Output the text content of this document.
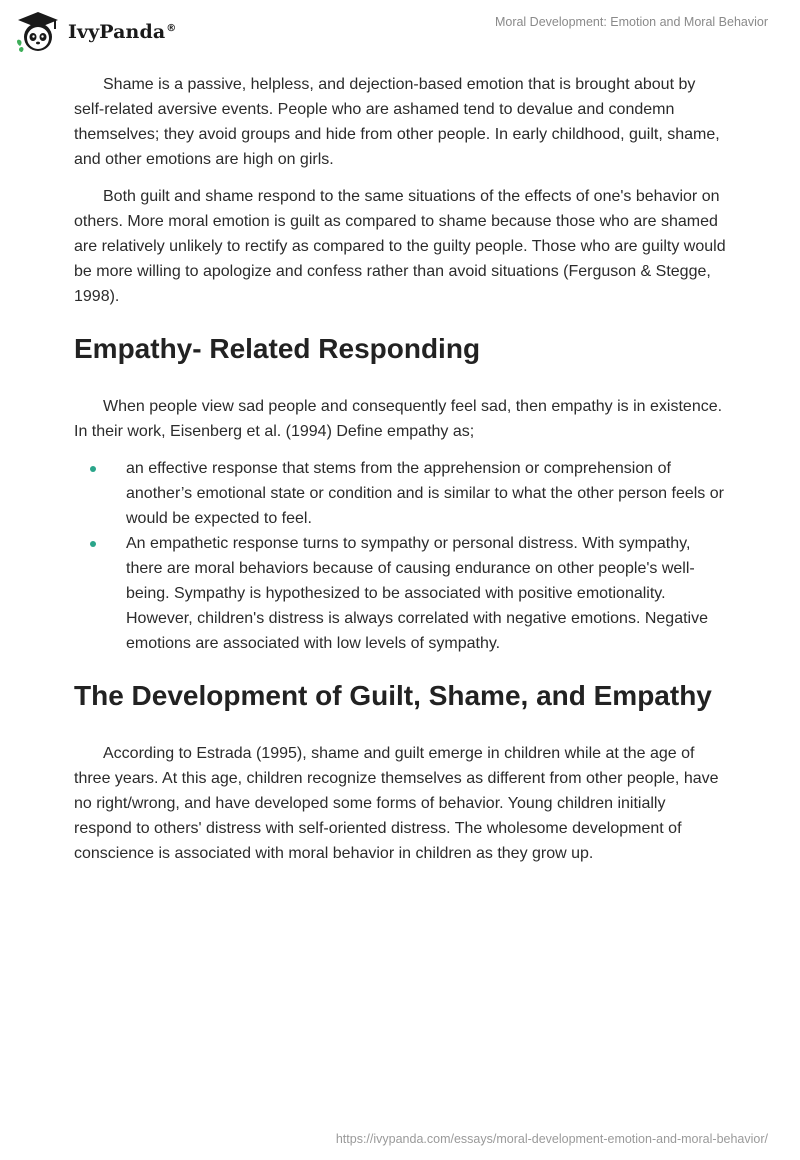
IvyPanda®	Moral Development: Emotion and Moral Behavior

Shame is a passive, helpless, and dejection-based emotion that is brought about by self-related aversive events. People who are ashamed tend to devalue and condemn themselves; they avoid groups and hide from other people. In early childhood, guilt, shame, and other emotions are high on girls.

Both guilt and shame respond to the same situations of the effects of one's behavior on others. More moral emotion is guilt as compared to shame because those who are shamed are relatively unlikely to rectify as compared to the guilty people. Those who are guilty would be more willing to apologize and confess rather than avoid situations (Ferguson & Stegge, 1998).

Empathy- Related Responding

When people view sad people and consequently feel sad, then empathy is in existence. In their work, Eisenberg et al. (1994) Define empathy as;

an effective response that stems from the apprehension or comprehension of another’s emotional state or condition and is similar to what the other person feels or would be expected to feel.
An empathetic response turns to sympathy or personal distress. With sympathy, there are moral behaviors because of causing endurance on other people's well-being. Sympathy is hypothesized to be associated with positive emotionality. However, children's distress is always correlated with negative emotions. Negative emotions are associated with low levels of sympathy.
The Development of Guilt, Shame, and Empathy

According to Estrada (1995), shame and guilt emerge in children while at the age of three years. At this age, children recognize themselves as different from other people, have no right/wrong, and have developed some forms of behavior. Young children initially respond to others' distress with self-oriented distress. The wholesome development of conscience is associated with moral behavior in children as they grow up.

https://ivypanda.com/essays/moral-development-emotion-and-moral-behavior/
